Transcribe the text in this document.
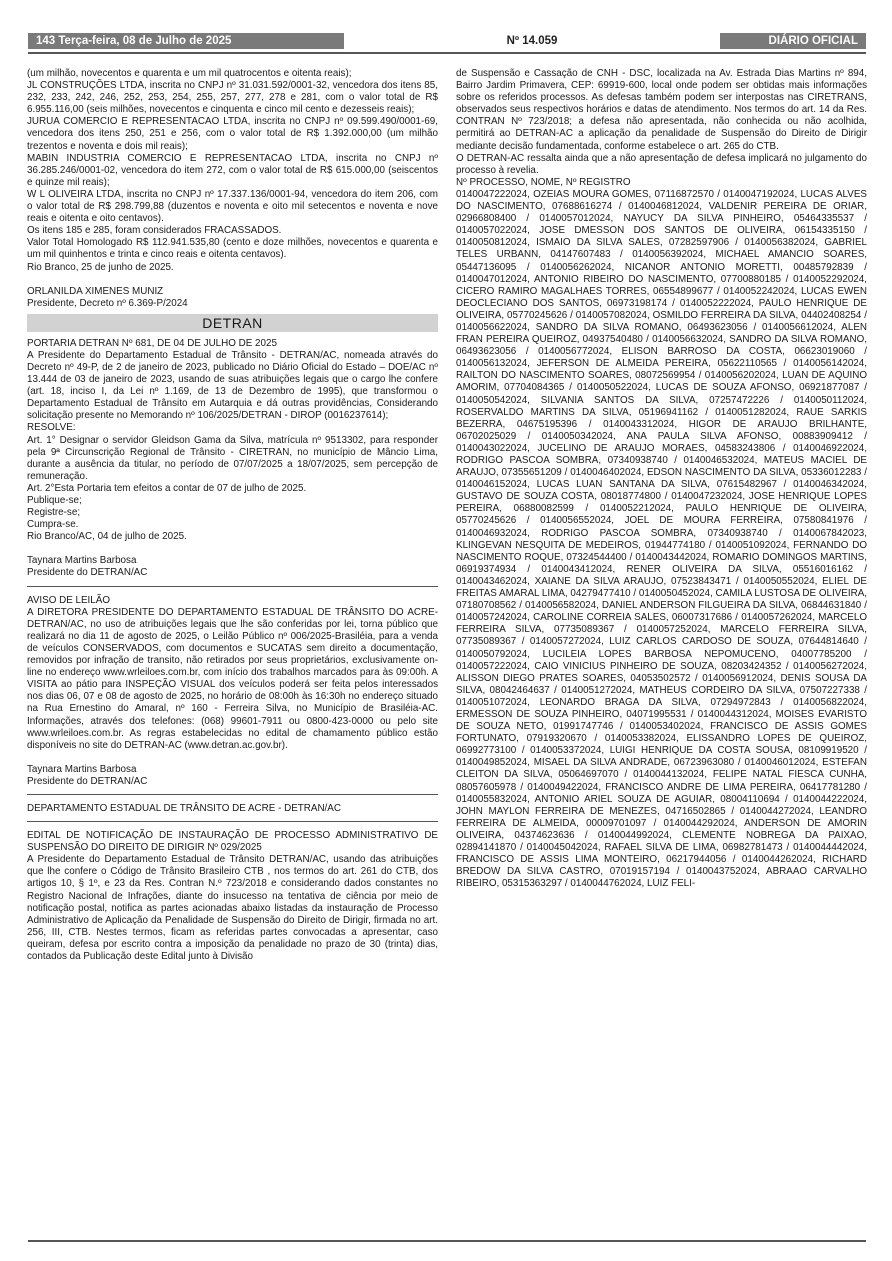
143 Terça-feira, 08 de Julho de 2025	Nº 14.059	DIÁRIO OFICIAL

(um milhão, novecentos e quarenta e um mil quatrocentos e oitenta reais);

JL CONSTRUÇÕES LTDA, inscrita no CNPJ nº 31.031.592/0001-32, vencedora dos itens 85, 232, 233, 242, 246, 252, 253, 254, 255, 257, 277, 278 e 281, com o valor total de R$ 6.955.116,00 (seis milhões, novecentos e cinquenta e cinco mil cento e dezesseis reais);

JURUA COMERCIO E REPRESENTACAO LTDA, inscrita no CNPJ nº 09.599.490/0001-69, vencedora dos itens 250, 251 e 256, com o valor total de R$ 1.392.000,00 (um milhão trezentos e noventa e dois mil reais);

MABIN INDUSTRIA COMERCIO E REPRESENTACAO LTDA, inscrita no CNPJ nº 36.285.246/0001-02, vencedora do item 272, com o valor total de R$ 615.000,00 (seiscentos e quinze mil reais);

W L OLIVEIRA LTDA, inscrita no CNPJ nº 17.337.136/0001-94, vencedora do item 206, com o valor total de R$ 298.799,88 (duzentos e noventa e oito mil setecentos e noventa e nove reais e oitenta e oito centavos).

Os itens 185 e 285, foram considerados FRACASSADOS.

Valor Total Homologado R$ 112.941.535,80 (cento e doze milhões, novecentos e quarenta e um mil quinhentos e trinta e cinco reais e oitenta centavos).

Rio Branco, 25 de junho de 2025.

ORLANILDA XIMENES MUNIZ

Presidente, Decreto nº 6.369-P/2024

DETRAN

PORTARIA DETRAN Nº 681, DE 04 DE JULHO DE 2025

A Presidente do Departamento Estadual de Trânsito - DETRAN/AC, nomeada através do Decreto nº 49-P, de 2 de janeiro de 2023, publicado no Diário Oficial do Estado – DOE/AC nº 13.444 de 03 de janeiro de 2023, usando de suas atribuições legais que o cargo lhe confere (art. 18, inciso I, da Lei nº 1.169, de 13 de Dezembro de 1995), que transformou o Departamento Estadual de Trânsito em Autarquia e dá outras providências, Considerando solicitação presente no Memorando nº 106/2025/DETRAN - DIROP (0016237614);

RESOLVE:

Art. 1° Designar o servidor Gleidson Gama da Silva, matrícula nº 9513302, para responder pela 9ª Circunscrição Regional de Trânsito - CIRETRAN, no município de Mâncio Lima, durante a ausência da titular, no período de 07/07/2025 a 18/07/2025, sem percepção de remuneração.

Art. 2°Esta Portaria tem efeitos a contar de 07 de julho de 2025.

Publique-se;

Registre-se;

Cumpra-se.

Rio Branco/AC, 04 de julho de 2025.

Taynara Martins Barbosa

Presidente do DETRAN/AC

AVISO DE LEILÃO

A DIRETORA PRESIDENTE DO DEPARTAMENTO ESTADUAL DE TRÂNSITO DO ACRE-DETRAN/AC, no uso de atribuições legais que lhe são conferidas por lei, torna público que realizará no dia 11 de agosto de 2025, o Leilão Público nº 006/2025-Brasiléia, para a venda de veículos CONSERVADOS, com documentos e SUCATAS sem direito a documentação, removidos por infração de transito, não retirados por seus proprietários, exclusivamente on-line no endereço www.wrleiloes.com.br, com início dos trabalhos marcados para às 09:00h. A VISITA ao pátio para INSPEÇÃO VISUAL dos veículos poderá ser feita pelos interessados nos dias 06, 07 e 08 de agosto de 2025, no horário de 08:00h às 16:30h no endereço situado na Rua Ernestino do Amaral, nº 160 - Ferreira Silva, no Município de Brasiléia-AC. Informações, através dos telefones: (068) 99601-7911 ou 0800-423-0000 ou pelo site www.wrleiloes.com.br. As regras estabelecidas no edital de chamamento público estão disponíveis no site do DETRAN-AC (www.detran.ac.gov.br).

Taynara Martins Barbosa

Presidente do DETRAN/AC

DEPARTAMENTO ESTADUAL DE TRÂNSITO DE ACRE - DETRAN/AC

EDITAL DE NOTIFICAÇÃO DE INSTAURAÇÃO DE PROCESSO ADMINISTRATIVO DE SUSPENSÃO DO DIREITO DE DIRIGIR Nº 029/2025

A Presidente do Departamento Estadual de Trânsito DETRAN/AC, usando das atribuições que lhe confere o Código de Trânsito Brasileiro CTB , nos termos do art. 261 do CTB, dos artigos 10, § 1º, e 23 da Res. Contran N.º 723/2018 e considerando dados constantes no Registro Nacional de Infrações, diante do insucesso na tentativa de ciência por meio de notificação postal, notifica as partes acionadas abaixo listadas da instauração de Processo Administrativo de Aplicação da Penalidade de Suspensão do Direito de Dirigir, firmada no art. 256, III, CTB. Nestes termos, ficam as referidas partes convocadas a apresentar, caso queiram, defesa por escrito contra a imposição da penalidade no prazo de 30 (trinta) dias, contados da Publicação deste Edital junto à Divisão

de Suspensão e Cassação de CNH - DSC, localizada na Av. Estrada Dias Martins nº 894, Bairro Jardim Primavera, CEP: 69919-600, local onde podem ser obtidas mais informações sobre os referidos processos. As defesas também podem ser interpostas nas CIRETRANS, observados seus respectivos horários e datas de atendimento. Nos termos do art. 14 da Res. CONTRAN Nº 723/2018; a defesa não apresentada, não conhecida ou não acolhida, permitirá ao DETRAN-AC a aplicação da penalidade de Suspensão do Direito de Dirigir mediante decisão fundamentada, conforme estabelece o art. 265 do CTB.

O DETRAN-AC ressalta ainda que a não apresentação de defesa implicará no julgamento do processo à revelia.

Nº PROCESSO, NOME, Nº REGISTRO

0140047222024, OZEIAS MOURA GOMES, 07116872570 / 0140047192024, LUCAS ALVES DO NASCIMENTO, 07688616274 / 0140046812024, VALDENIR PEREIRA DE ORIAR, 02966808400 / 0140057012024, NAYUCY DA SILVA PINHEIRO, 05464335537 / 0140057022024, JOSE DMESSON DOS SANTOS DE OLIVEIRA, 06154335150 / 0140050812024, ISMAIO DA SILVA SALES, 07282597906 / 0140056382024, GABRIEL TELES URBANN, 04147607483 / 0140056392024, MICHAEL AMANCIO SOARES, 05447136095 / 0140056262024, NICANOR ANTONIO MORETTI, 00485792839 / 0140047012024, ANTONIO RIBEIRO DO NASCIMENTO, 07700880185 / 0140052292024, CICERO RAMIRO MAGALHAES TORRES, 06554899677 / 0140052242024, LUCAS EWEN DEOCLECIANO DOS SANTOS, 06973198174 / 0140052222024, PAULO HENRIQUE DE OLIVEIRA, 05770245626 / 0140057082024, OSMILDO FERREIRA DA SILVA, 04402408254 / 0140056622024, SANDRO DA SILVA ROMANO, 06493623056 / 0140056612024, ALEN FRAN PEREIRA QUEIROZ, 04937540480 / 0140056632024, SANDRO DA SILVA ROMANO, 06493623056 / 0140056772024, ELISON BARROSO DA COSTA, 06623019060 / 0140056132024, JEFERSON DE ALMEIDA PEREIRA, 05622110565 / 0140056142024, RAILTON DO NASCIMENTO SOARES, 08072569954 / 0140056202024, LUAN DE AQUINO AMORIM, 07704084365 / 0140050522024, LUCAS DE SOUZA AFONSO, 06921877087 / 0140050542024, SILVANIA SANTOS DA SILVA, 07257472226 / 0140050112024, ROSERVALDO MARTINS DA SILVA, 05196941162 / 0140051282024, RAUE SARKIS BEZERRA, 04675195396 / 0140043312024, HIGOR DE ARAUJO BRILHANTE, 06702025029 / 0140050342024, ANA PAULA SILVA AFONSO, 00883909412 / 0140043022024, JUCELINO DE ARAUJO MORAES, 04583243806 / 0140046922024, RODRIGO PASCOA SOMBRA, 07340938740 / 0140046532024, MATEUS MACIEL DE ARAUJO, 07355651209 / 0140046402024, EDSON NASCIMENTO DA SILVA, 05336012283 / 0140046152024, LUCAS LUAN SANTANA DA SILVA, 07615482967 / 0140046342024, GUSTAVO DE SOUZA COSTA, 08018774800 / 0140047232024, JOSE HENRIQUE LOPES PEREIRA, 06880082599 / 0140052212024, PAULO HENRIQUE DE OLIVEIRA, 05770245626 / 0140056552024, JOEL DE MOURA FERREIRA, 07580841976 / 0140046932024, RODRIGO PASCOA SOMBRA, 07340938740 / 0140067842023, KLINGEVAN NESQUITA DE MEDEIROS, 01944774180 / 0140051092024, FERNANDO DO NASCIMENTO ROQUE, 07324544400 / 0140043442024, ROMARIO DOMINGOS MARTINS, 06919374934 / 0140043412024, RENER OLIVEIRA DA SILVA, 05516016162 / 0140043462024, XAIANE DA SILVA ARAUJO, 07523843471 / 0140050552024, ELIEL DE FREITAS AMARAL LIMA, 04279477410 / 0140050452024, CAMILA LUSTOSA DE OLIVEIRA, 07180708562 / 0140056582024, DANIEL ANDERSON FILGUEIRA DA SILVA, 06844631840 / 0140057242024, CAROLINE CORREIA SALES, 06007317686 / 0140057262024, MARCELO FERREIRA SILVA, 07735089367 / 0140057252024, MARCELO FERREIRA SILVA, 07735089367 / 0140057272024, LUIZ CARLOS CARDOSO DE SOUZA, 07644814640 / 0140050792024, LUCILEIA LOPES BARBOSA NEPOMUCENO, 04007785200 / 0140057222024, CAIO VINICIUS PINHEIRO DE SOUZA, 08203424352 / 0140056272024, ALISSON DIEGO PRATES SOARES, 04053502572 / 0140056912024, DENIS SOUSA DA SILVA, 08042464637 / 0140051272024, MATHEUS CORDEIRO DA SILVA, 07507227338 / 0140051072024, LEONARDO BRAGA DA SILVA, 07294972843 / 0140056822024, ERMESSON DE SOUZA PINHEIRO, 04071995531 / 0140044312024, MOISES EVARISTO DE SOUZA NETO, 01991747746 / 0140053402024, FRANCISCO DE ASSIS GOMES FORTUNATO, 07919320670 / 0140053382024, ELISSANDRO LOPES DE QUEIROZ, 06992773100 / 0140053372024, LUIGI HENRIQUE DA COSTA SOUSA, 08109919520 / 0140049852024, MISAEL DA SILVA ANDRADE, 06723963080 / 0140046012024, ESTEFAN CLEITON DA SILVA, 05064697070 / 0140044132024, FELIPE NATAL FIESCA CUNHA, 08057605978 / 0140049422024, FRANCISCO ANDRE DE LIMA PEREIRA, 06417781280 / 0140055832024, ANTONIO ARIEL SOUZA DE AGUIAR, 08004110694 / 0140044222024, JOHN MAYLON FERREIRA DE MENEZES, 04716502865 / 0140044272024, LEANDRO FERREIRA DE ALMEIDA, 00009701097 / 0140044292024, ANDERSON DE AMORIN OLIVEIRA, 04374623636 / 0140044992024, CLEMENTE NOBREGA DA PAIXAO, 02894141870 / 0140045042024, RAFAEL SILVA DE LIMA, 06982781473 / 0140044442024, FRANCISCO DE ASSIS LIMA MONTEIRO, 06217944056 / 0140044262024, RICHARD BREDOW DA SILVA CASTRO, 07019157194 / 0140043752024, ABRAAO CARVALHO RIBEIRO, 05315363297 / 0140044762024, LUIZ FELI-
